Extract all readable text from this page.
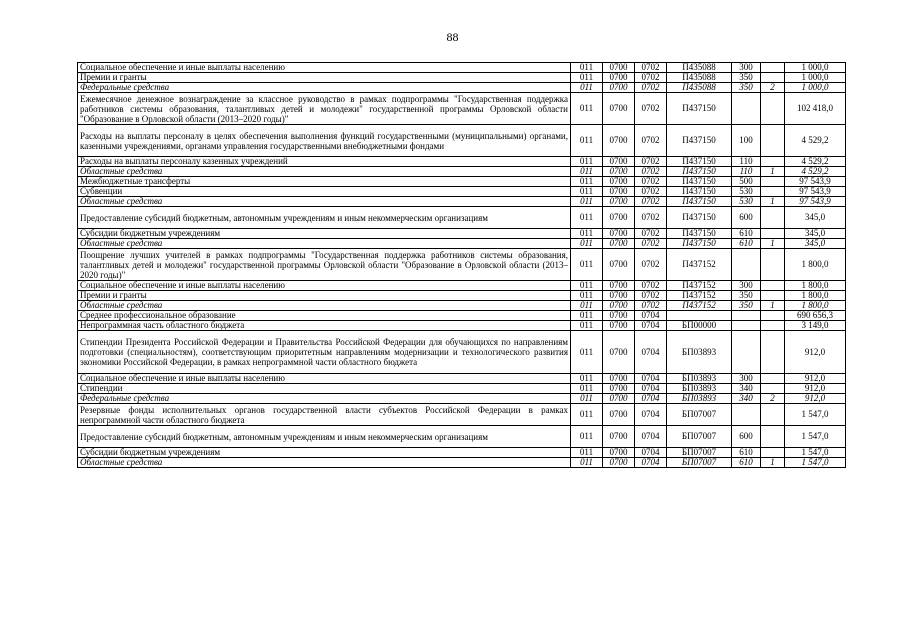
88
Социальное обеспечение и иные выплаты населению	011	0700	0702	П435088	300		1 000,0
Премии и гранты	011	0700	0702	П435088	350		1 000,0
Федеральные средства	011	0700	0702	П435088	350	2	1 000,0
Ежемесячное денежное вознаграждение за классное руководство в рамках подпрограммы "Государственная поддержка работников системы образования, талантливых детей и молодежи" государственной программы Орловской области "Образование в Орловской области (2013–2020 годы)"	011	0700	0702	П437150			102 418,0
Расходы на выплаты персоналу в целях обеспечения выполнения функций государственными (муниципальными) органами, казенными учреждениями, органами управления государственными внебюджетными фондами	011	0700	0702	П437150	100		4 529,2
Расходы на выплаты персоналу казенных учреждений	011	0700	0702	П437150	110		4 529,2
Областные средства	011	0700	0702	П437150	110	1	4 529,2
Межбюджетные трансферты	011	0700	0702	П437150	500		97 543,9
Субвенции	011	0700	0702	П437150	530		97 543,9
Областные средства	011	0700	0702	П437150	530	1	97 543,9
Предоставление субсидий бюджетным, автономным учреждениям и иным некоммерческим организациям	011	0700	0702	П437150	600		345,0
Субсидии бюджетным учреждениям	011	0700	0702	П437150	610		345,0
Областные средства	011	0700	0702	П437150	610	1	345,0
Поощрение лучших учителей в рамках подпрограммы "Государственная поддержка работников системы образования, талантливых детей и молодежи" государственной программы Орловской области "Образование в Орловской области (2013–2020 годы)"	011	0700	0702	П437152			1 800,0
Социальное обеспечение и иные выплаты населению	011	0700	0702	П437152	300		1 800,0
Премии и гранты	011	0700	0702	П437152	350		1 800,0
Областные средства	011	0700	0702	П437152	350	1	1 800,0
Среднее профессиональное образование	011	0700	0704				690 656,3
Непрограммная часть областного бюджета	011	0700	0704	БП00000			3 149,0
Стипендии Президента Российской Федерации и Правительства Российской Федерации для обучающихся по направлениям подготовки (специальностям), соответствующим приоритетным направлениям модернизации и технологического развития экономики Российской Федерации, в рамках непрограммной части областного бюджета	011	0700	0704	БП03893			912,0
Социальное обеспечение и иные выплаты населению	011	0700	0704	БП03893	300		912,0
Стипендии	011	0700	0704	БП03893	340		912,0
Федеральные средства	011	0700	0704	БП03893	340	2	912,0
Резервные фонды исполнительных органов государственной власти субъектов Российской Федерации в рамках непрограммной части областного бюджета	011	0700	0704	БП07007			1 547,0
Предоставление субсидий бюджетным, автономным учреждениям и иным некоммерческим организациям	011	0700	0704	БП07007	600		1 547,0
Субсидии бюджетным учреждениям	011	0700	0704	БП07007	610		1 547,0
Областные средства	011	0700	0704	БП07007	610	1	1 547,0
